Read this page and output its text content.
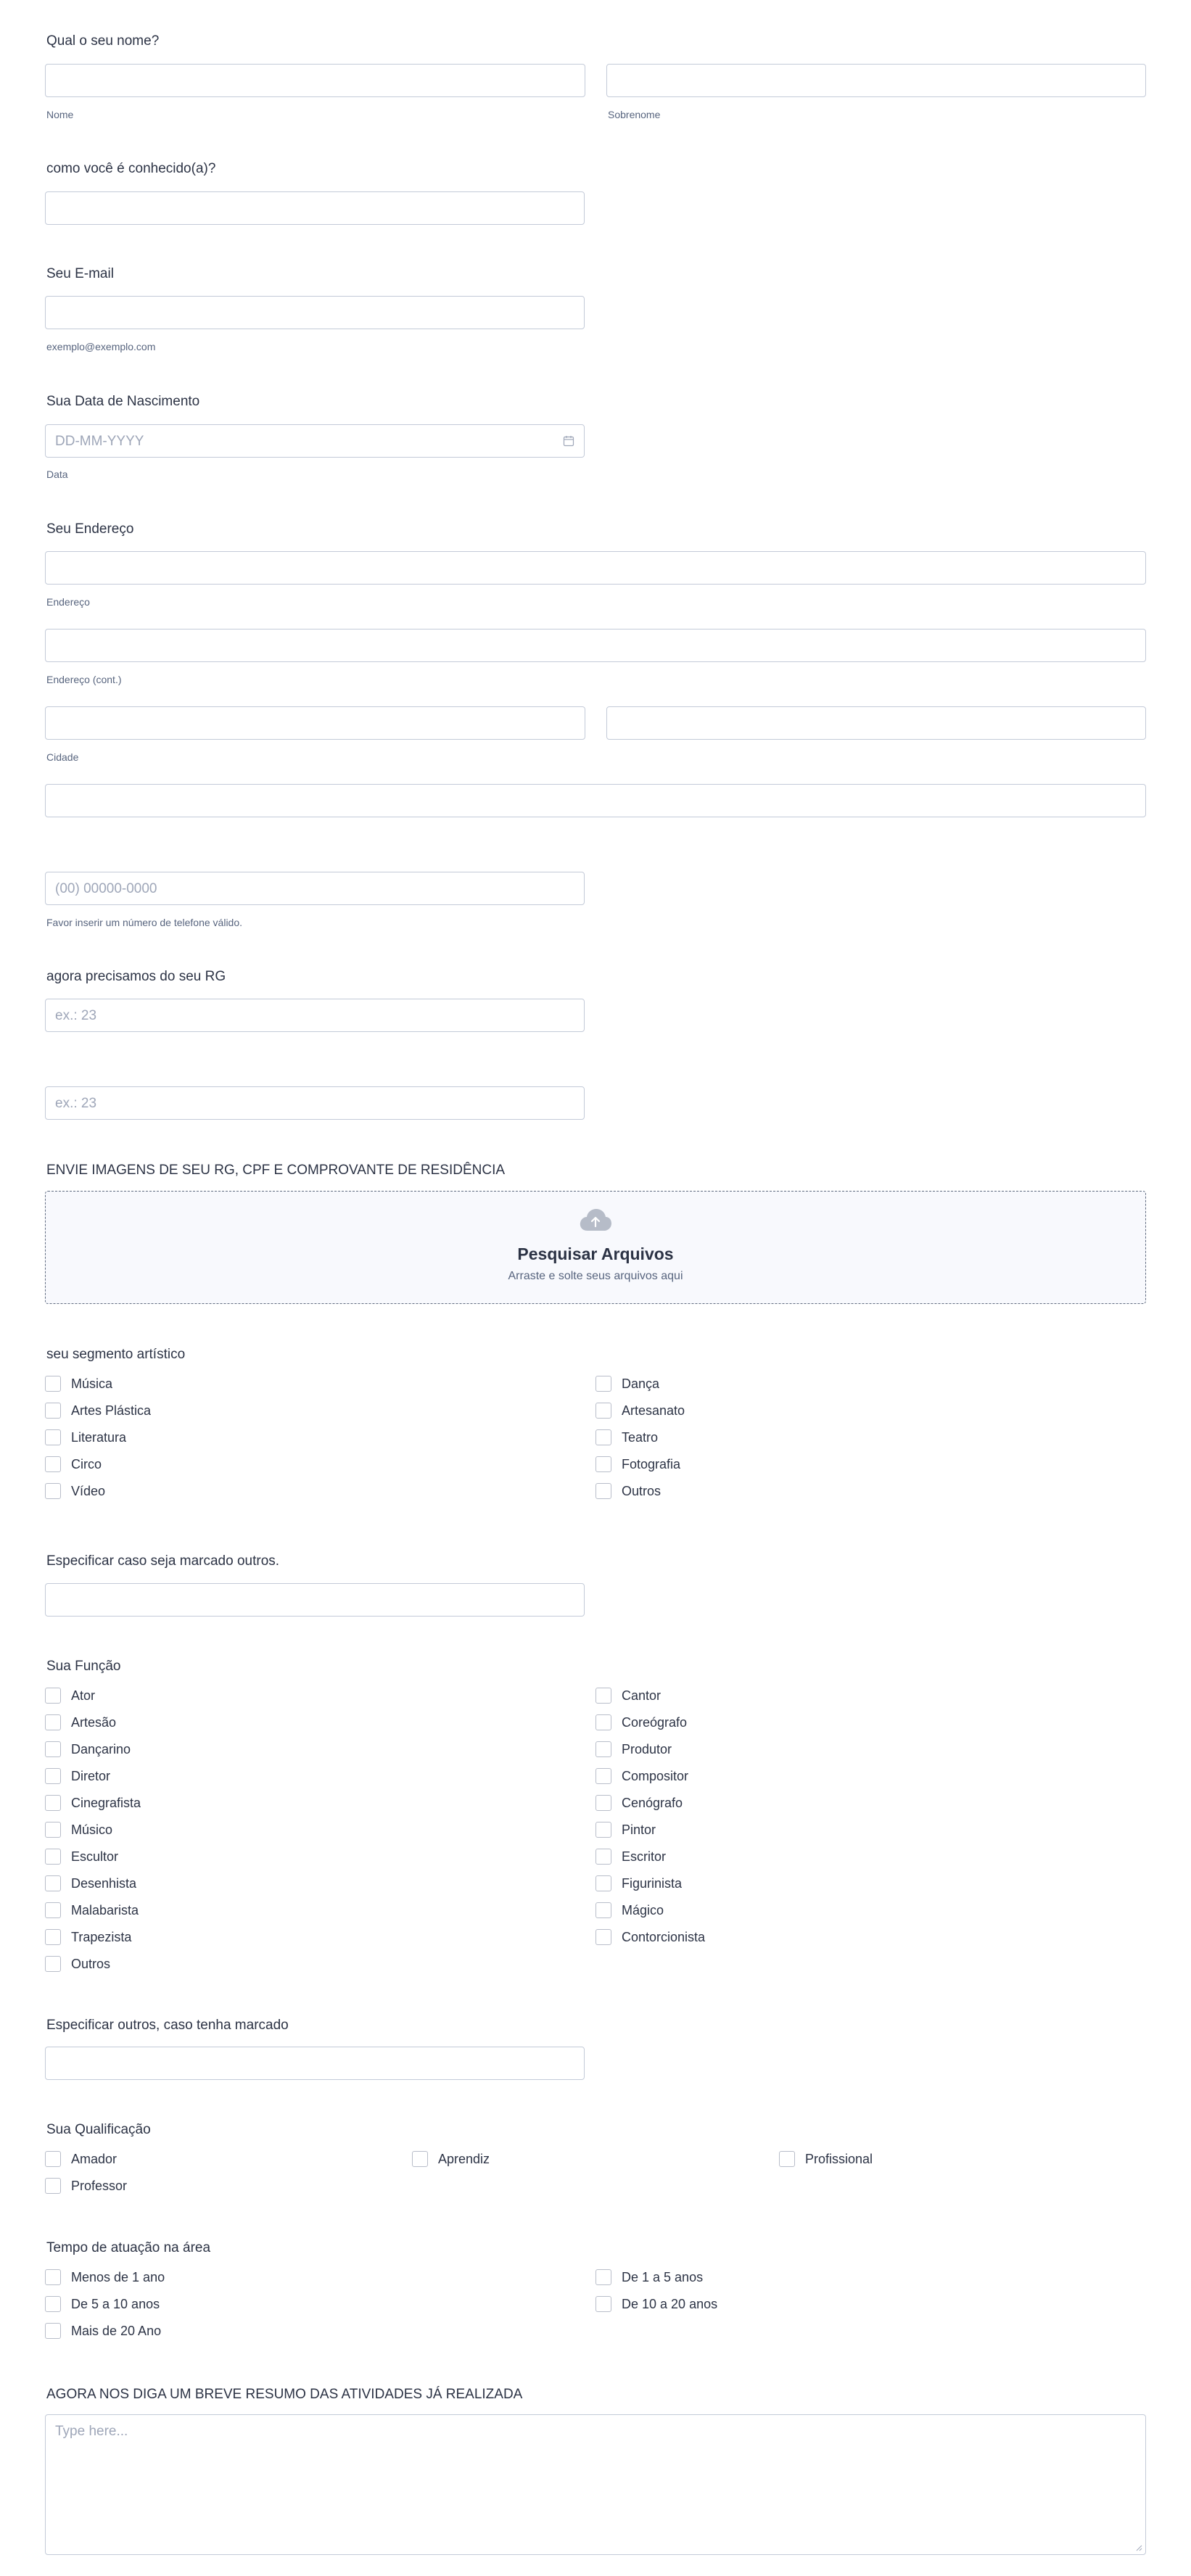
Qual o seu nome?
Nome	Sobrenome
como você é conhecido(a)?
Seu E-mail
exemplo@exemplo.com
Sua Data de Nascimento
DD-MM-YYYY
Data
Seu Endereço
Endereço
Endereço (cont.)
Cidade
(00) 00000-0000
Favor inserir um número de telefone válido.
agora precisamos do seu RG
ex.: 23
ex.: 23
ENVIE IMAGENS DE SEU RG, CPF E COMPROVANTE DE RESIDÊNCIA
Pesquisar Arquivos
Arraste e solte seus arquivos aqui
seu segmento artístico
Música
Artes Plástica
Literatura
Circo
Vídeo
Dança
Artesanato
Teatro
Fotografia
Outros
Especificar caso seja marcado outros.
Sua Função
Ator
Artesão
Dançarino
Diretor
Cinegrafista
Músico
Escultor
Desenhista
Malabarista
Trapezista
Outros
Cantor
Coreógrafo
Produtor
Compositor
Cenógrafo
Pintor
Escritor
Figurinista
Mágico
Contorcionista
Especificar outros, caso tenha marcado
Sua Qualificação
Amador	Aprendiz	Profissional
Professor
Tempo de atuação na área
Menos de 1 ano
De 5 a 10 anos
Mais de 20 Ano
De 1 a 5 anos
De 10 a 20 anos
AGORA NOS DIGA UM BREVE RESUMO DAS ATIVIDADES JÁ REALIZADA
Type here...
